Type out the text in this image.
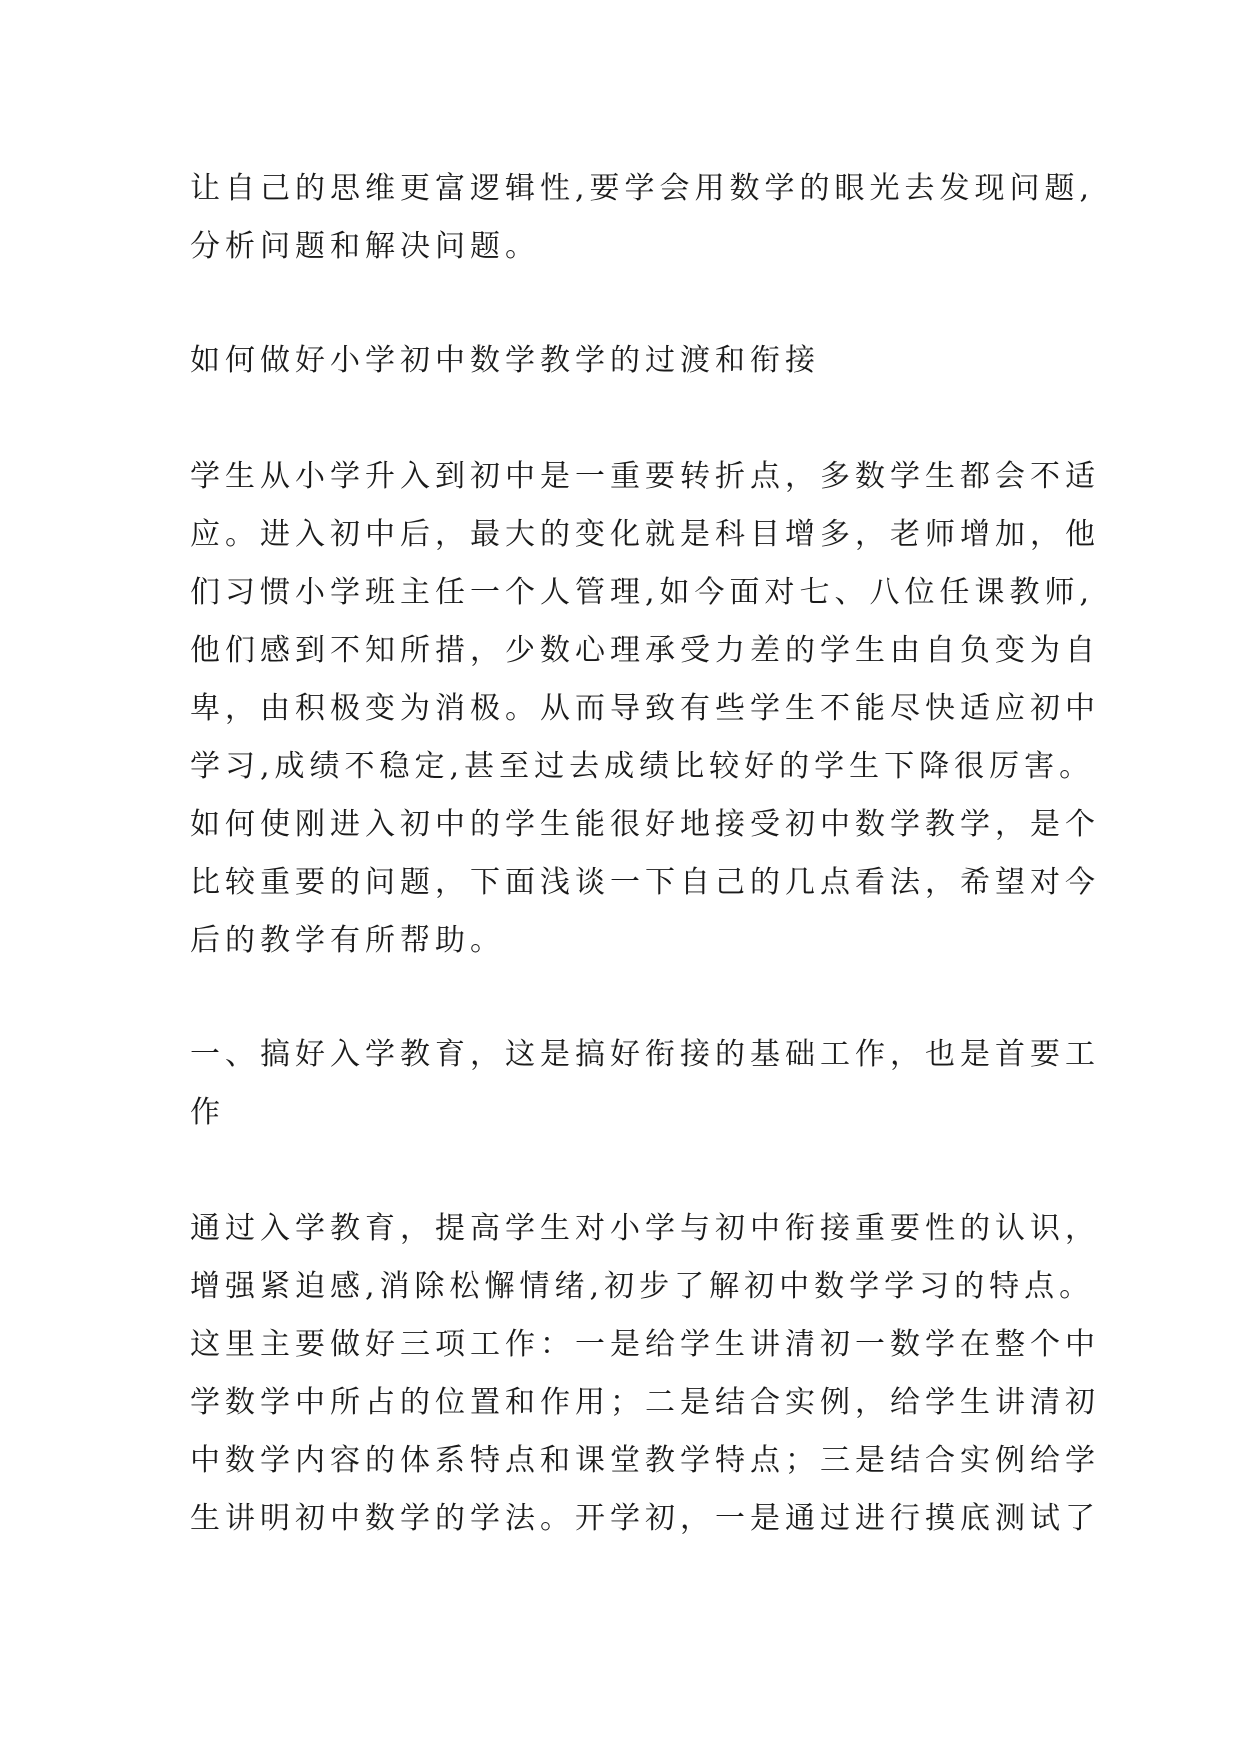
让自己的思维更富逻辑性,要学会用数学的眼光去发现问题,
分析问题和解决问题。

如何做好小学初中数学教学的过渡和衔接

学生从小学升入到初中是一重要转折点，多数学生都会不适
应。进入初中后，最大的变化就是科目增多，老师增加，他
们习惯小学班主任一个人管理,如今面对七、八位任课教师,
他们感到不知所措，少数心理承受力差的学生由自负变为自
卑，由积极变为消极。从而导致有些学生不能尽快适应初中
学习,成绩不稳定,甚至过去成绩比较好的学生下降很厉害。
如何使刚进入初中的学生能很好地接受初中数学教学，是个
比较重要的问题，下面浅谈一下自己的几点看法，希望对今
后的教学有所帮助。

一、搞好入学教育，这是搞好衔接的基础工作，也是首要工
作

通过入学教育，提高学生对小学与初中衔接重要性的认识，
增强紧迫感,消除松懈情绪,初步了解初中数学学习的特点。
这里主要做好三项工作：一是给学生讲清初一数学在整个中
学数学中所占的位置和作用；二是结合实例，给学生讲清初
中数学内容的体系特点和课堂教学特点；三是结合实例给学
生讲明初中数学的学法。开学初，一是通过进行摸底测试了
